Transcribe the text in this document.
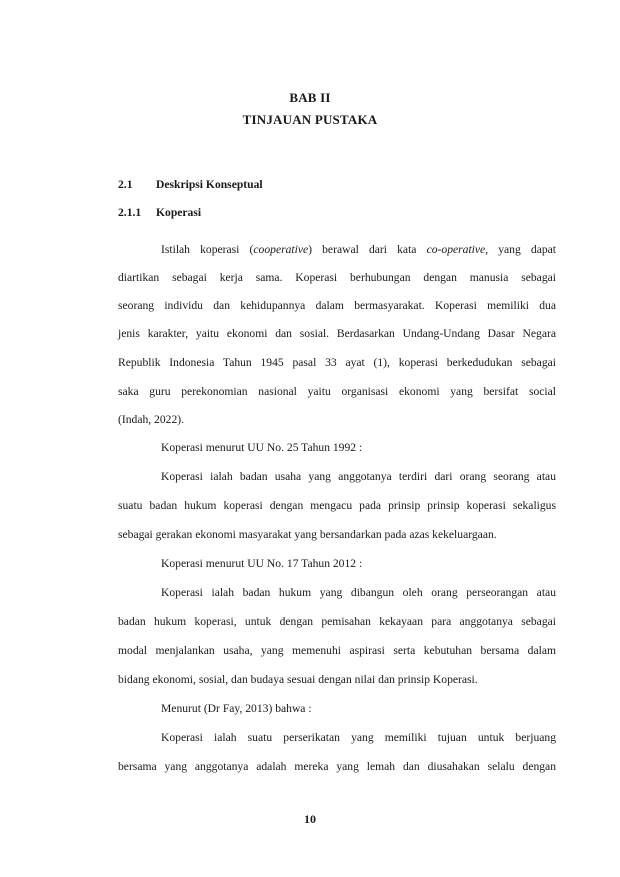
BAB II
TINJAUAN PUSTAKA
2.1 Deskripsi Konseptual
2.1.1 Koperasi
Istilah koperasi (cooperative) berawal dari kata co-operative, yang dapat
diartikan sebagai kerja sama. Koperasi berhubungan dengan manusia sebagai
seorang individu dan kehidupannya dalam bermasyarakat. Koperasi memiliki dua
jenis karakter, yaitu ekonomi dan sosial. Berdasarkan Undang-Undang Dasar Negara
Republik Indonesia Tahun 1945 pasal 33 ayat (1), koperasi berkedudukan sebagai
saka guru perekonomian nasional yaitu organisasi ekonomi yang bersifat social
(Indah, 2022).
Koperasi menurut UU No. 25 Tahun 1992 :
Koperasi ialah badan usaha yang anggotanya terdiri dari orang seorang atau
suatu badan hukum koperasi dengan mengacu pada prinsip prinsip koperasi sekaligus
sebagai gerakan ekonomi masyarakat yang bersandarkan pada azas kekeluargaan.
Koperasi menurut UU No. 17 Tahun 2012 :
Koperasi ialah badan hukum yang dibangun oleh orang perseorangan atau
badan hukum koperasi, untuk dengan pemisahan kekayaan para anggotanya sebagai
modal menjalankan usaha, yang memenuhi aspirasi serta kebutuhan bersama dalam
bidang ekonomi, sosial, dan budaya sesuai dengan nilai dan prinsip Koperasi.
Menurut (Dr Fay, 2013) bahwa :
Koperasi ialah suatu perserikatan yang memiliki tujuan untuk berjuang
bersama yang anggotanya adalah mereka yang lemah dan diusahakan selalu dengan
10
